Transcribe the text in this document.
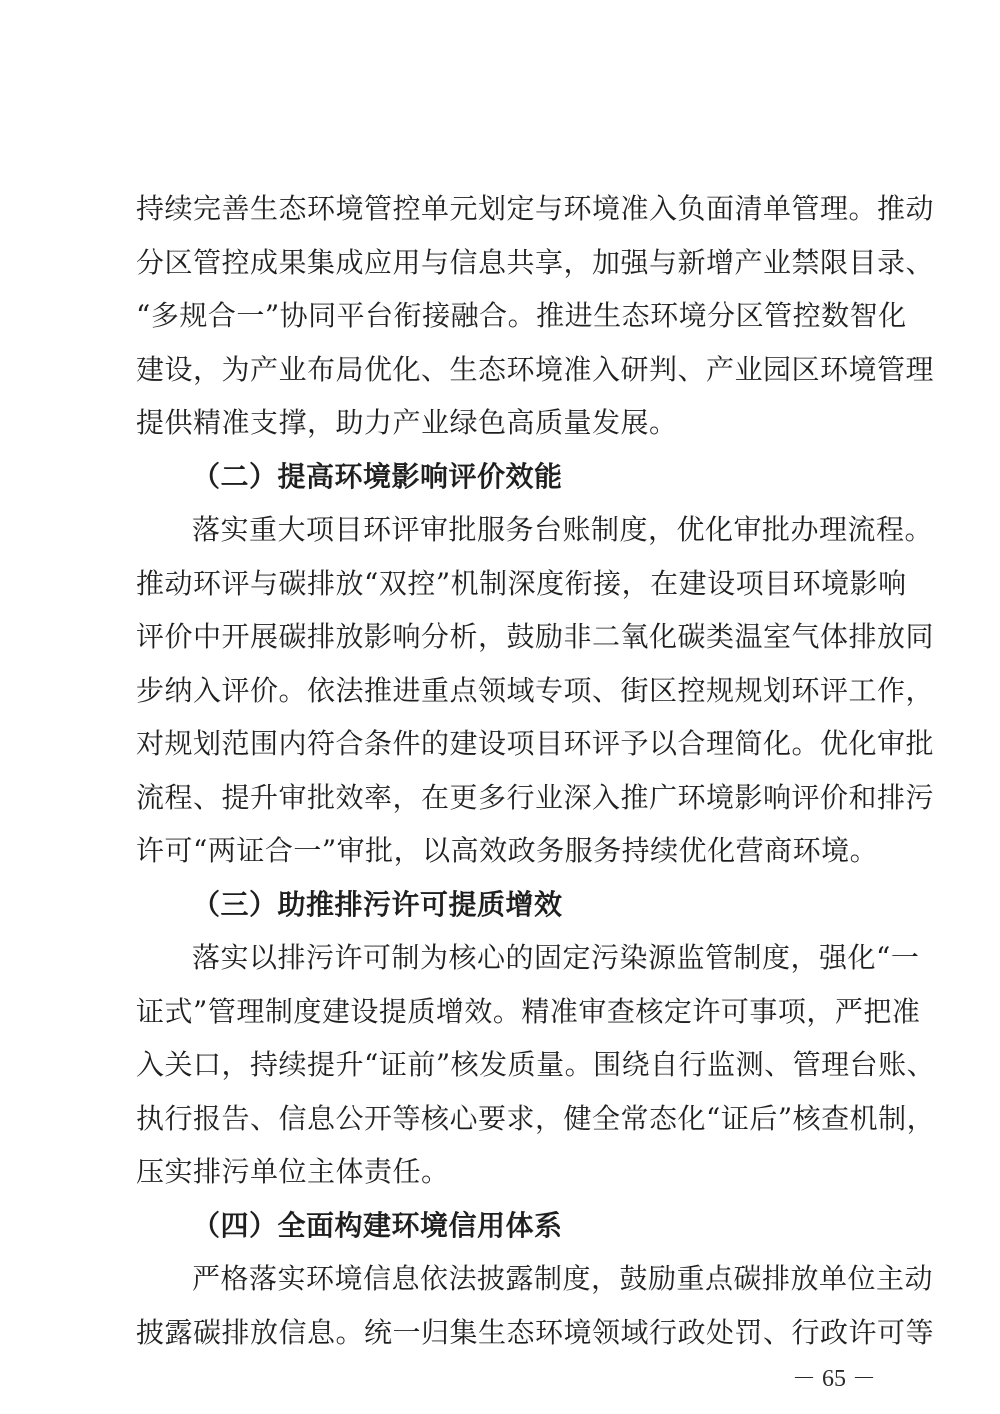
持续完善生态环境管控单元划定与环境准入负面清单管理。推动
分区管控成果集成应用与信息共享，加强与新增产业禁限目录、
“多规合一”协同平台衔接融合。推进生态环境分区管控数智化
建设，为产业布局优化、生态环境准入研判、产业园区环境管理
提供精准支撑，助力产业绿色高质量发展。
（二）提高环境影响评价效能
落实重大项目环评审批服务台账制度，优化审批办理流程。
推动环评与碳排放“双控”机制深度衔接，在建设项目环境影响
评价中开展碳排放影响分析，鼓励非二氧化碳类温室气体排放同
步纳入评价。依法推进重点领域专项、街区控规规划环评工作，
对规划范围内符合条件的建设项目环评予以合理简化。优化审批
流程、提升审批效率，在更多行业深入推广环境影响评价和排污
许可“两证合一”审批，以高效政务服务持续优化营商环境。
（三）助推排污许可提质增效
落实以排污许可制为核心的固定污染源监管制度，强化“一
证式”管理制度建设提质增效。精准审查核定许可事项，严把准
入关口，持续提升“证前”核发质量。围绕自行监测、管理台账、
执行报告、信息公开等核心要求，健全常态化“证后”核查机制，
压实排污单位主体责任。
（四）全面构建环境信用体系
严格落实环境信息依法披露制度，鼓励重点碳排放单位主动
披露碳排放信息。统一归集生态环境领域行政处罚、行政许可等
－ 65 －
